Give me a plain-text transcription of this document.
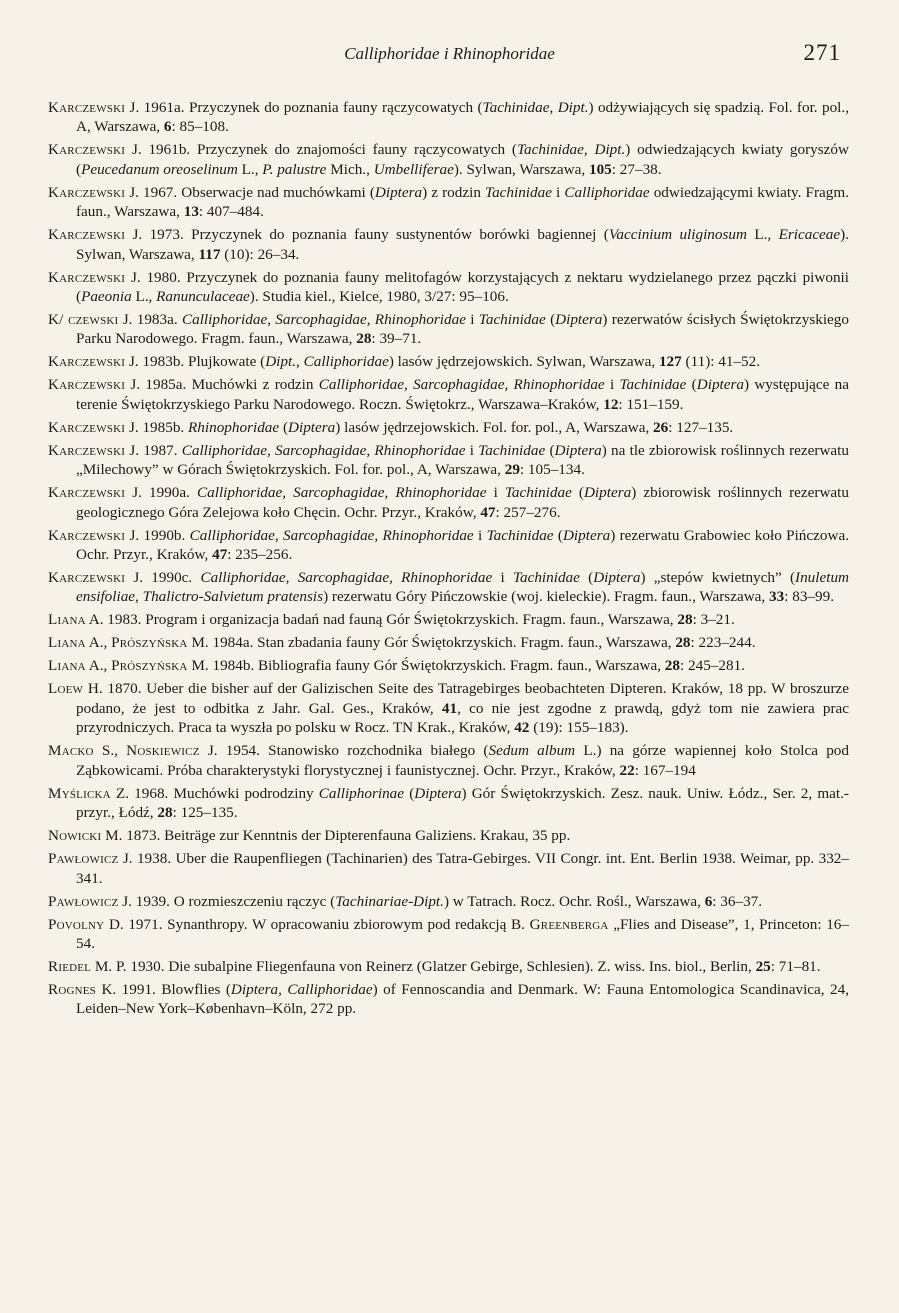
Calliphoridae i Rhinophoridae	271

Karczewski J. 1961a. Przyczynek do poznania fauny rączycowatych (Tachinidae, Dipt.) odżywiających się spadzią. Fol. for. pol., A, Warszawa, 6: 85–108.

Karczewski J. 1961b. Przyczynek do znajomości fauny rączycowatych (Tachinidae, Dipt.) odwiedzających kwiaty goryszów (Peucedanum oreoselinum L., P. palustre Mich., Umbelliferae). Sylwan, Warszawa, 105: 27–38.

Karczewski J. 1967. Obserwacje nad muchówkami (Diptera) z rodzin Tachinidae i Calliphoridae odwiedzającymi kwiaty. Fragm. faun., Warszawa, 13: 407–484.

Karczewski J. 1973. Przyczynek do poznania fauny sustynentów borówki bagiennej (Vaccinium uliginosum L., Ericaceae). Sylwan, Warszawa, 117 (10): 26–34.

Karczewski J. 1980. Przyczynek do poznania fauny melitofagów korzystających z nektaru wydzielanego przez pączki piwonii (Paeonia L., Ranunculaceae). Studia kiel., Kielce, 1980, 3/27: 95–106.

K/ czewski J. 1983a. Calliphoridae, Sarcophagidae, Rhinophoridae i Tachinidae (Diptera) rezerwatów ścisłych Świętokrzyskiego Parku Narodowego. Fragm. faun., Warszawa, 28: 39–71.

Karczewski J. 1983b. Plujkowate (Dipt., Calliphoridae) lasów jędrzejowskich. Sylwan, Warszawa, 127 (11): 41–52.

Karczewski J. 1985a. Muchówki z rodzin Calliphoridae, Sarcophagidae, Rhinophoridae i Tachinidae (Diptera) występujące na terenie Świętokrzyskiego Parku Narodowego. Roczn. Świętokrz., Warszawa–Kraków, 12: 151–159.

Karczewski J. 1985b. Rhinophoridae (Diptera) lasów jędrzejowskich. Fol. for. pol., A, Warszawa, 26: 127–135.

Karczewski J. 1987. Calliphoridae, Sarcophagidae, Rhinophoridae i Tachinidae (Diptera) na tle zbiorowisk roślinnych rezerwatu „Milechowy” w Górach Świętokrzyskich. Fol. for. pol., A, Warszawa, 29: 105–134.

Karczewski J. 1990a. Calliphoridae, Sarcophagidae, Rhinophoridae i Tachinidae (Diptera) zbiorowisk roślinnych rezerwatu geologicznego Góra Zelejowa koło Chęcin. Ochr. Przyr., Kraków, 47: 257–276.

Karczewski J. 1990b. Calliphoridae, Sarcophagidae, Rhinophoridae i Tachinidae (Diptera) rezerwatu Grabowiec koło Pińczowa. Ochr. Przyr., Kraków, 47: 235–256.

Karczewski J. 1990c. Calliphoridae, Sarcophagidae, Rhinophoridae i Tachinidae (Diptera) „stepów kwietnych” (Inuletum ensifoliae, Thalictro-Salvietum pratensis) rezerwatu Góry Pińczowskie (woj. kieleckie). Fragm. faun., Warszawa, 33: 83–99.

Liana A. 1983. Program i organizacja badań nad fauną Gór Świętokrzyskich. Fragm. faun., Warszawa, 28: 3–21.

Liana A., Prószyńska M. 1984a. Stan zbadania fauny Gór Świętokrzyskich. Fragm. faun., Warszawa, 28: 223–244.

Liana A., Prószyńska M. 1984b. Bibliografia fauny Gór Świętokrzyskich. Fragm. faun., Warszawa, 28: 245–281.

Loew H. 1870. Ueber die bisher auf der Galizischen Seite des Tatragebirges beobachteten Dipteren. Kraków, 18 pp. W broszurze podano, że jest to odbitka z Jahr. Gal. Ges., Kraków, 41, co nie jest zgodne z prawdą, gdyż tom nie zawiera prac przyrodniczych. Praca ta wyszła po polsku w Rocz. TN Krak., Kraków, 42 (19): 155–183).

Macko S., Noskiewicz J. 1954. Stanowisko rozchodnika białego (Sedum album L.) na górze wapiennej koło Stolca pod Ząbkowicami. Próba charakterystyki florystycznej i faunistycznej. Ochr. Przyr., Kraków, 22: 167–194

Myślicka Z. 1968. Muchówki podrodziny Calliphorinae (Diptera) Gór Świętokrzyskich. Zesz. nauk. Uniw. Łódz., Ser. 2, mat.-przyr., Łódź, 28: 125–135.

Nowicki M. 1873. Beiträge zur Kenntnis der Dipterenfauna Galiziens. Krakau, 35 pp.

Pawłowicz J. 1938. Uber die Raupenfliegen (Tachinarien) des Tatra-Gebirges. VII Congr. int. Ent. Berlin 1938. Weimar, pp. 332–341.

Pawłowicz J. 1939. O rozmieszczeniu rączyc (Tachinariae-Dipt.) w Tatrach. Rocz. Ochr. Rośl., Warszawa, 6: 36–37.

Povolny D. 1971. Synanthropy. W opracowaniu zbiorowym pod redakcją B. Greenberga „Flies and Disease”, 1, Princeton: 16–54.

Riedel M. P. 1930. Die subalpine Fliegenfauna von Reinerz (Glatzer Gebirge, Schlesien). Z. wiss. Ins. biol., Berlin, 25: 71–81.

Rognes K. 1991. Blowflies (Diptera, Calliphoridae) of Fennoscandia and Denmark. W: Fauna Entomologica Scandinavica, 24, Leiden–New York–København–Köln, 272 pp.
